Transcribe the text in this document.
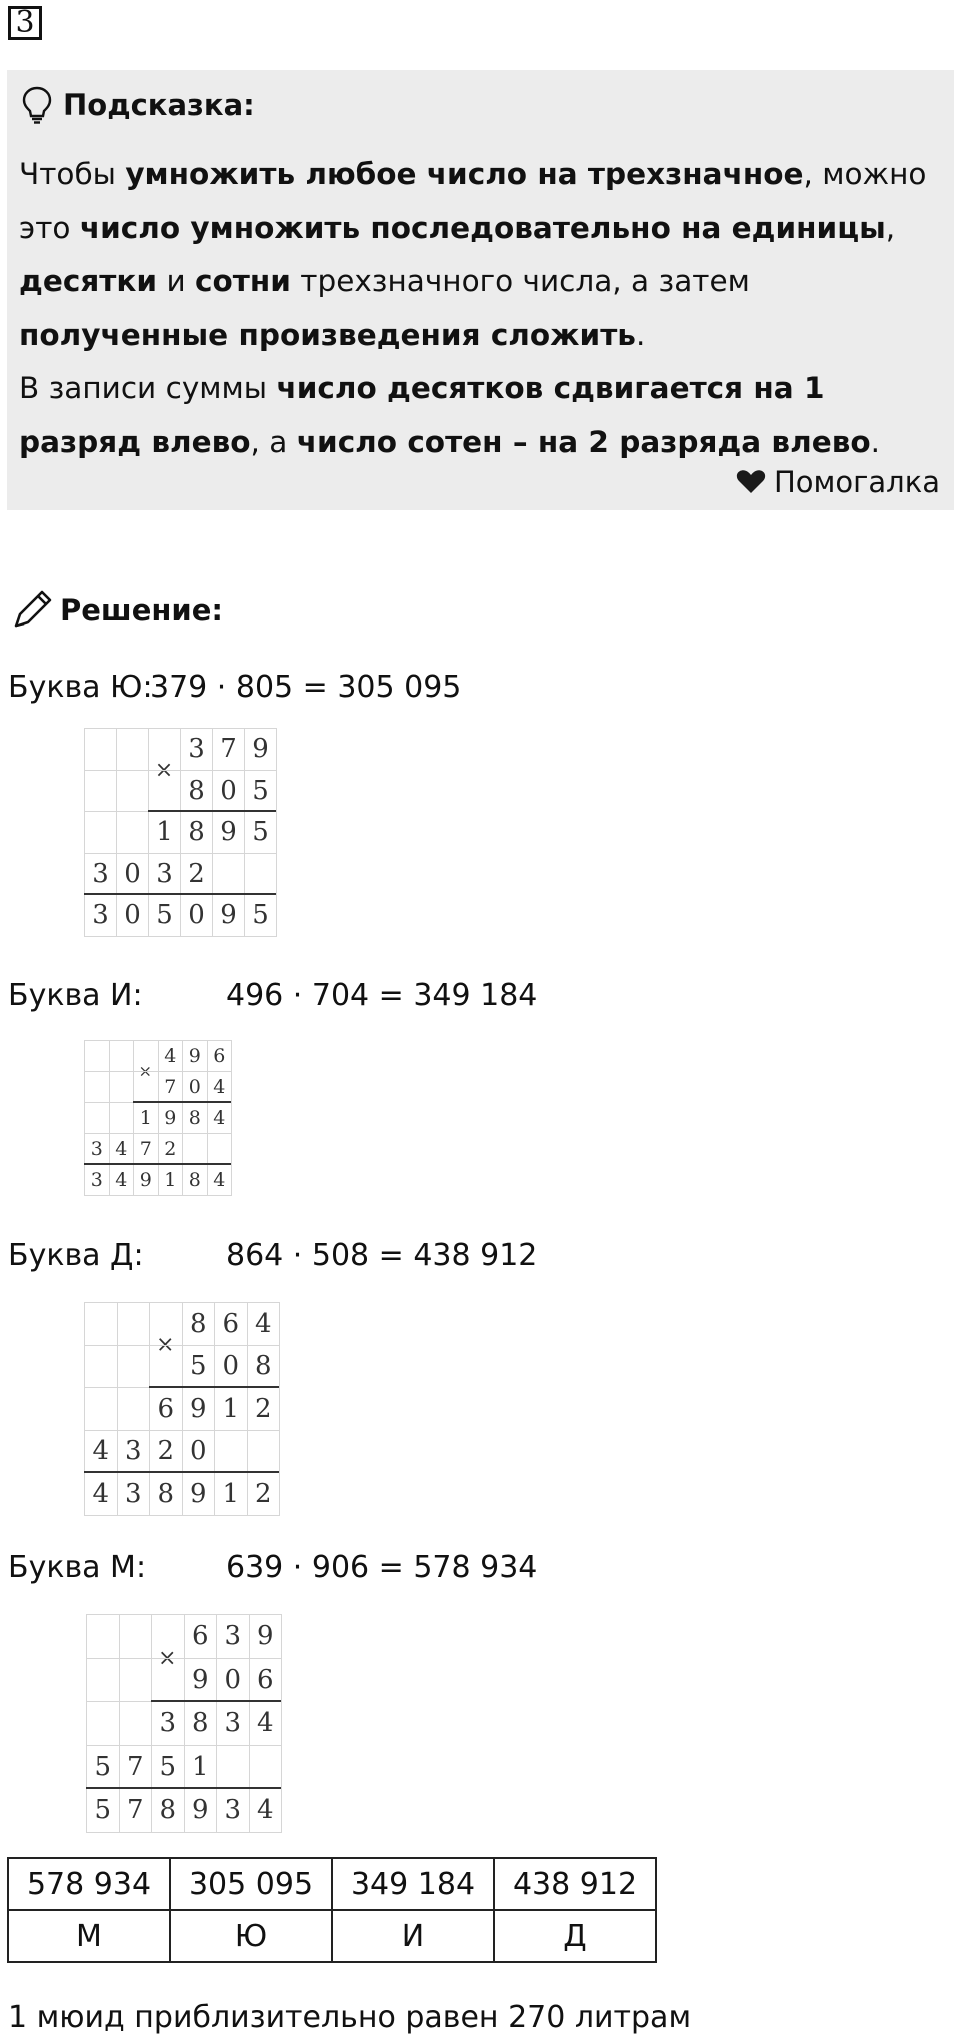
3
Подсказка:
Чтобы умножить любое число на трехзначное, можно это число умножить последовательно на единицы, десятки и сотни трехзначного числа, а затем полученные произведения сложить.
В записи суммы число десятков сдвигается на 1 разряд влево, а число сотен – на 2 разряда влево.
Помогалка
Решение:
Буква Ю:
379 · 805 = 305 095
×
3 7 9
8 0 5
1 8 9 5
3 0 3 2
3 0 5 0 9 5
Буква И:	496 · 704 = 349 184
×
4 9 6
7 0 4
1 9 8 4
3 4 7 2
3 4 9 1 8 4
Буква Д:	864 · 508 = 438 912
×
8 6 4
5 0 8
6 9 1 2
4 3 2 0
4 3 8 9 1 2
Буква М:	639 · 906 = 578 934
×
6 3 9
9 0 6
3 8 3 4
5 7 5 1
5 7 8 9 3 4
578 934	305 095	349 184	438 912
М	Ю	И	Д
1 мюид приблизительно равен 270 литрам
